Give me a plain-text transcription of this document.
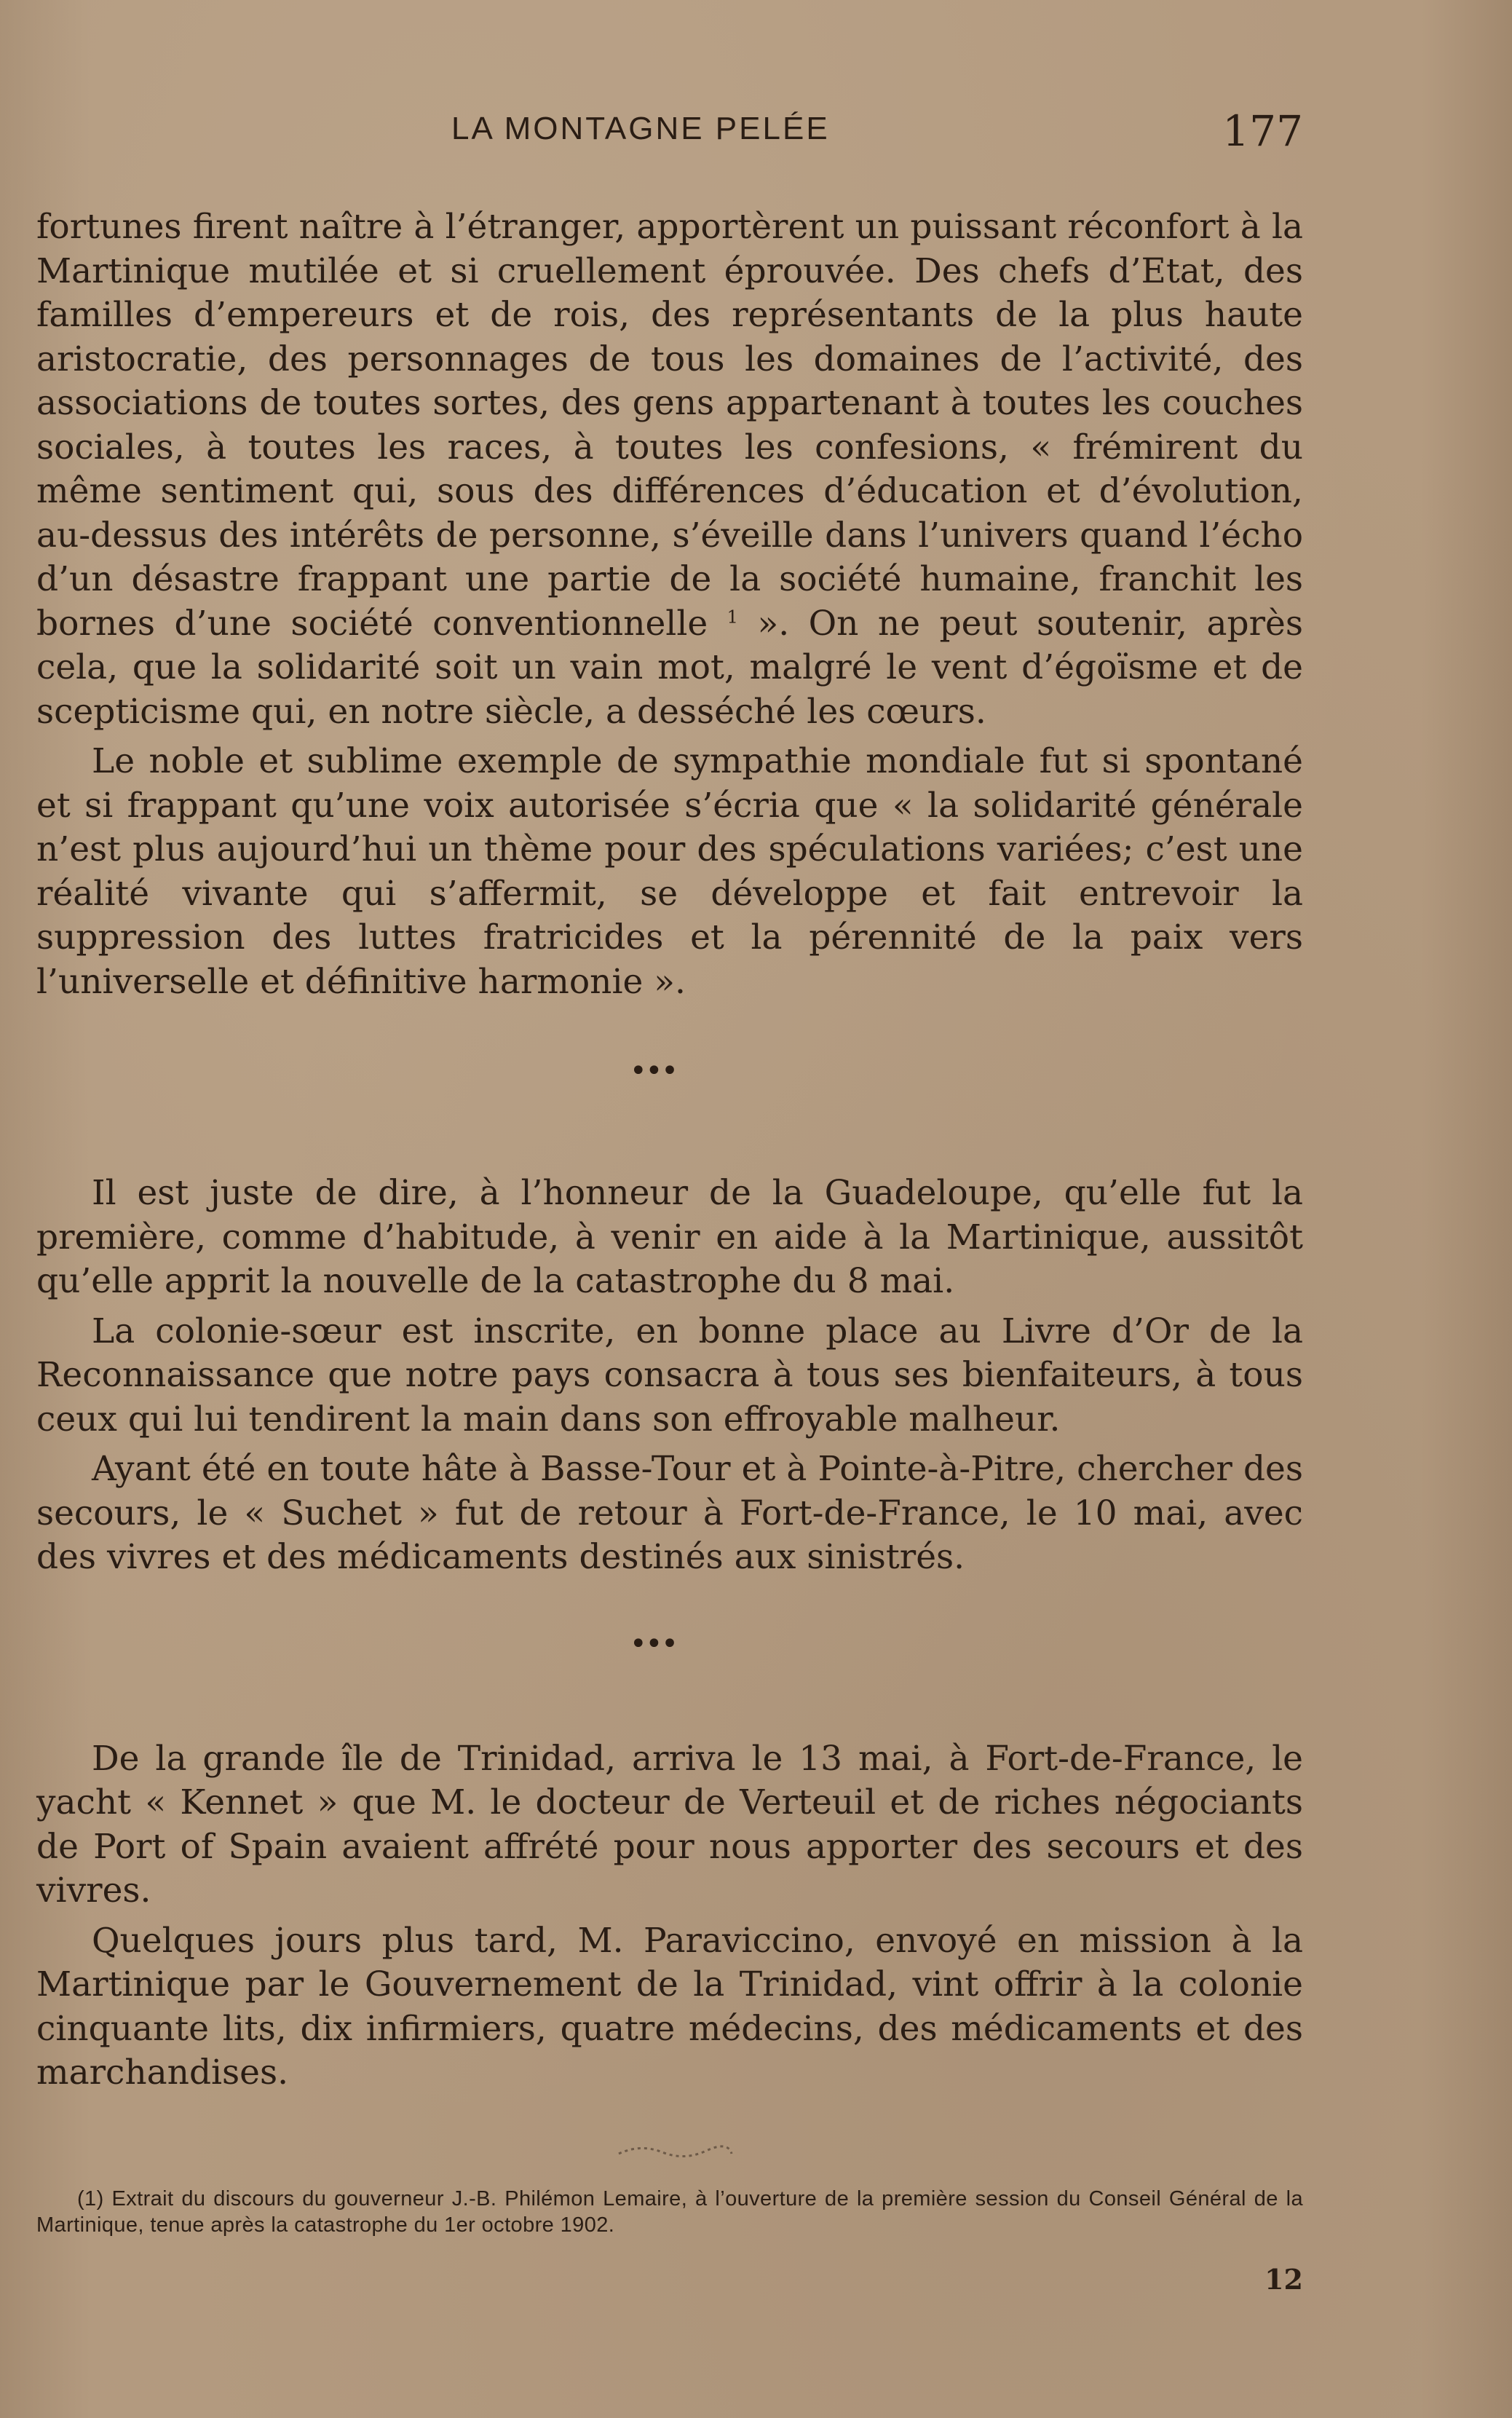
LA MONTAGNE PELÉE	177

fortunes firent naître à l’étranger, apportèrent un puissant réconfort à la Martinique mutilée et si cruellement éprouvée. Des chefs d’Etat, des familles d’empereurs et de rois, des représentants de la plus haute aristocratie, des personnages de tous les domaines de l’activité, des associations de toutes sortes, des gens appartenant à toutes les couches sociales, à toutes les races, à toutes les confesions, « frémirent du même sentiment qui, sous des différences d’éducation et d’évolution, au-dessus des intérêts de personne, s’éveille dans l’univers quand l’écho d’un désastre frappant une partie de la société humaine, franchit les bornes d’une société conventionnelle $^1$ ». On ne peut soutenir, après cela, que la solidarité soit un vain mot, malgré le vent d’égoïsme et de scepticisme qui, en notre siècle, a desséché les cœurs.

Le noble et sublime exemple de sympathie mondiale fut si spontané et si frappant qu’une voix autorisée s’écria que « la solidarité générale n’est plus aujourd’hui un thème pour des spéculations variées; c’est une réalité vivante qui s’affermit, se développe et fait entrevoir la suppression des luttes fratricides et la pérennité de la paix vers l’universelle et définitive harmonie ».

•••

Il est juste de dire, à l’honneur de la Guadeloupe, qu’elle fut la première, comme d’habitude, à venir en aide à la Martinique, aussitôt qu’elle apprit la nouvelle de la catastrophe du 8 mai.

La colonie-sœur est inscrite, en bonne place au Livre d’Or de la Reconnaissance que notre pays consacra à tous ses bienfaiteurs, à tous ceux qui lui tendirent la main dans son effroyable malheur.

Ayant été en toute hâte à Basse-Tour et à Pointe-à-Pitre, chercher des secours, le « Suchet » fut de retour à Fort-de-France, le 10 mai, avec des vivres et des médicaments destinés aux sinistrés.

•••

De la grande île de Trinidad, arriva le 13 mai, à Fort-de-France, le yacht « Kennet » que M. le docteur de Verteuil et de riches négociants de Port of Spain avaient affrété pour nous apporter des secours et des vivres.

Quelques jours plus tard, M. Paraviccino, envoyé en mission à la Martinique par le Gouvernement de la Trinidad, vint offrir à la colonie cinquante lits, dix infirmiers, quatre médecins, des médicaments et des marchandises.

(1) Extrait du discours du gouverneur J.-B. Philémon Lemaire, à l’ouverture de la première session du Conseil Général de la Martinique, tenue après la catastrophe du 1er octobre 1902.
12
